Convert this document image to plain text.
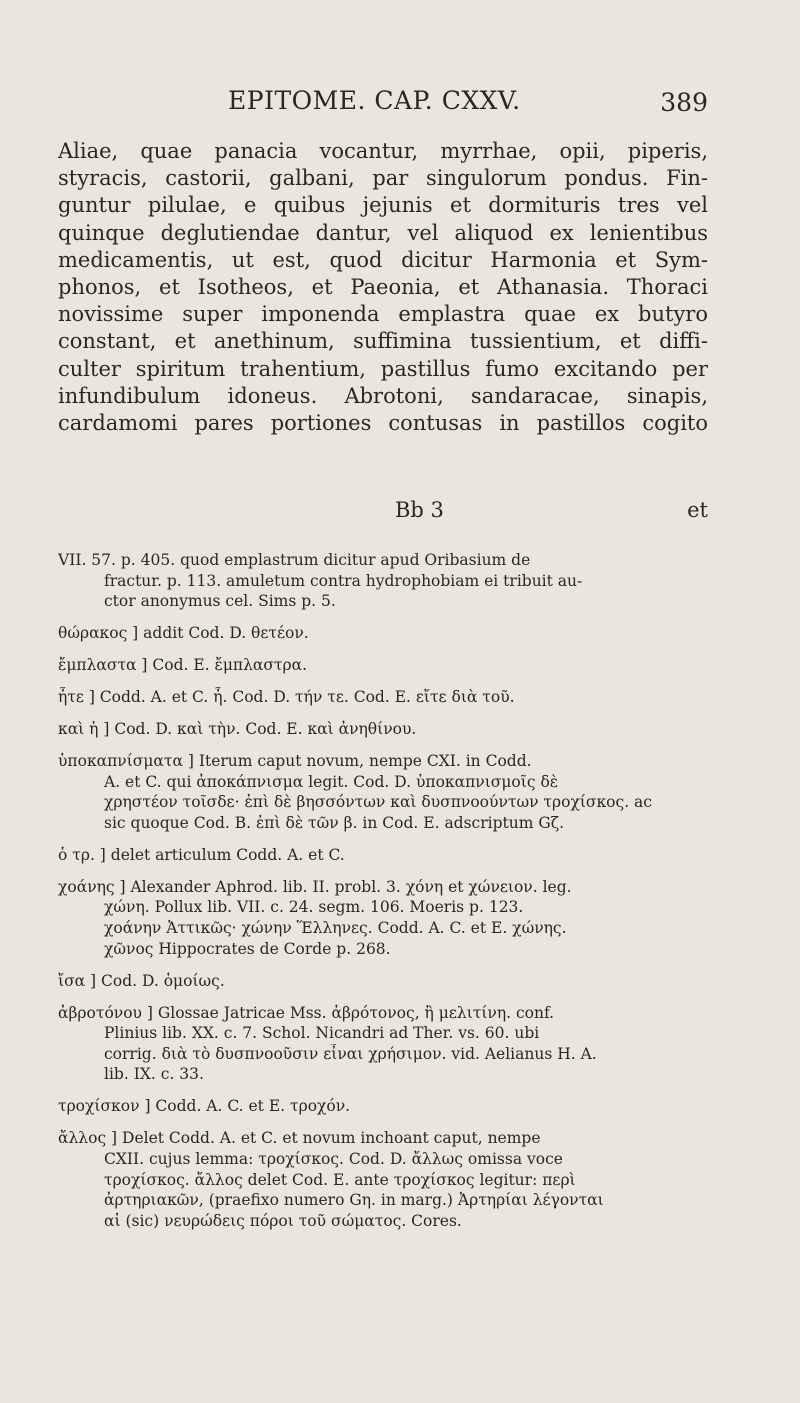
EPITOME. CAP. CXXV.	389
Aliae, quae panacia vocantur, myrrhae, opii, piperis,
styracis, castorii, galbani, par singulorum pondus. Fin-
guntur pilulae, e quibus jejunis et dormituris tres vel
quinque deglutiendae dantur, vel aliquod ex lenientibus
medicamentis, ut est, quod dicitur Harmonia et Sym-
phonos, et Isotheos, et Paeonia, et Athanasia. Thoraci
novissime super imponenda emplastra quae ex butyro
constant, et anethinum, suffimina tussientium, et diffi-
culter spiritum trahentium, pastillus fumo excitando per
infundibulum idoneus. Abrotoni, sandaracae, sinapis,
cardamomi pares portiones contusas in pastillos cogito
Bb 3	et
VII. 57. p. 405. quod emplastrum dicitur apud Oribasium de
fractur. p. 113. amuletum contra hydrophobiam ei tribuit au-
ctor anonymus cel. Sims p. 5.
θώρακος ] addit Cod. D. θετέον.
ἔμπλαστα ] Cod. E. ἔμπλαστρα.
ἦτε ] Codd. A. et C. ἦ. Cod. D. τήν τε. Cod. E. εἴτε διὰ τοῦ.
καὶ ἡ ] Cod. D. καὶ τὴν. Cod. E. καὶ ἀνηθίνου.
ὑποκαπνίσματα ] Iterum caput novum, nempe CXI. in Codd.
A. et C. qui ἀποκάπνισμα legit. Cod. D. ὑποκαπνισμοῖς δὲ
χρηστέον τοῖσδε· ἐπὶ δὲ βησσόντων καὶ δυσπνοούντων τροχίσκος. ac
sic quoque Cod. B. ἐπὶ δὲ τῶν β. in Cod. E. adscriptum Gζ.
ὁ τρ. ] delet articulum Codd. A. et C.
χοάνης ] Alexander Aphrod. lib. II. probl. 3. χόνη et χώνειον. leg.
χώνη. Pollux lib. VII. c. 24. segm. 106. Moeris p. 123.
χοάνην Ἀττικῶς· χώνην Ἕλληνες. Codd. A. C. et E. χώνης.
χῶνος Hippocrates de Corde p. 268.
ἴσα ] Cod. D. ὁμοίως.
ἀβροτόνου ] Glossae Jatricae Mss. ἀβρότονος, ἢ μελιτίνη. conf.
Plinius lib. XX. c. 7. Schol. Nicandri ad Ther. vs. 60. ubi
corrig. διὰ τὸ δυσπνοοῦσιν εἶναι χρήσιμον. vid. Aelianus H. A.
lib. IX. c. 33.
τροχίσκον ] Codd. A. C. et E. τροχόν.
ἄλλος ] Delet Codd. A. et C. et novum inchoant caput, nempe
CXII. cujus lemma: τροχίσκος. Cod. D. ἄλλως omissa voce
τροχίσκος. ἄλλος delet Cod. E. ante τροχίσκος legitur: περὶ
ἀρτηριακῶν, (praefixo numero Gη. in marg.) Ἀρτηρίαι λέγονται
αἱ (sic) νευρώδεις πόροι τοῦ σώματος. Cores.
